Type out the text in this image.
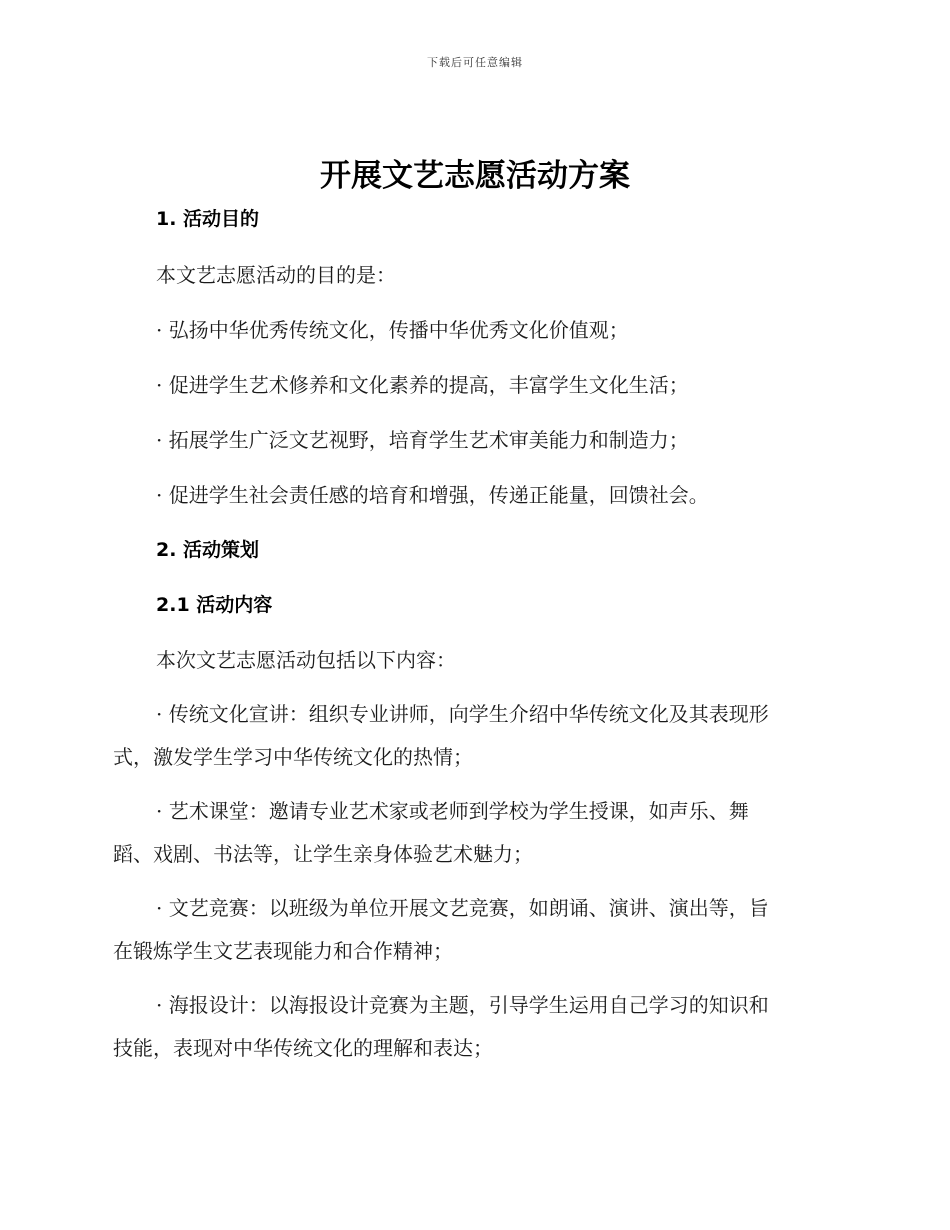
下载后可任意编辑
开展文艺志愿活动方案
1. 活动目的
本文艺志愿活动的目的是：
· 弘扬中华优秀传统文化，传播中华优秀文化价值观；
· 促进学生艺术修养和文化素养的提高，丰富学生文化生活；
· 拓展学生广泛文艺视野，培育学生艺术审美能力和制造力；
· 促进学生社会责任感的培育和增强，传递正能量，回馈社会。
2. 活动策划
2.1 活动内容
本次文艺志愿活动包括以下内容：
· 传统文化宣讲：组织专业讲师，向学生介绍中华传统文化及其表现形
式，激发学生学习中华传统文化的热情；
· 艺术课堂：邀请专业艺术家或老师到学校为学生授课，如声乐、舞
蹈、戏剧、书法等，让学生亲身体验艺术魅力；
· 文艺竞赛：以班级为单位开展文艺竞赛，如朗诵、演讲、演出等，旨
在锻炼学生文艺表现能力和合作精神；
· 海报设计：以海报设计竞赛为主题，引导学生运用自己学习的知识和
技能，表现对中华传统文化的理解和表达；
